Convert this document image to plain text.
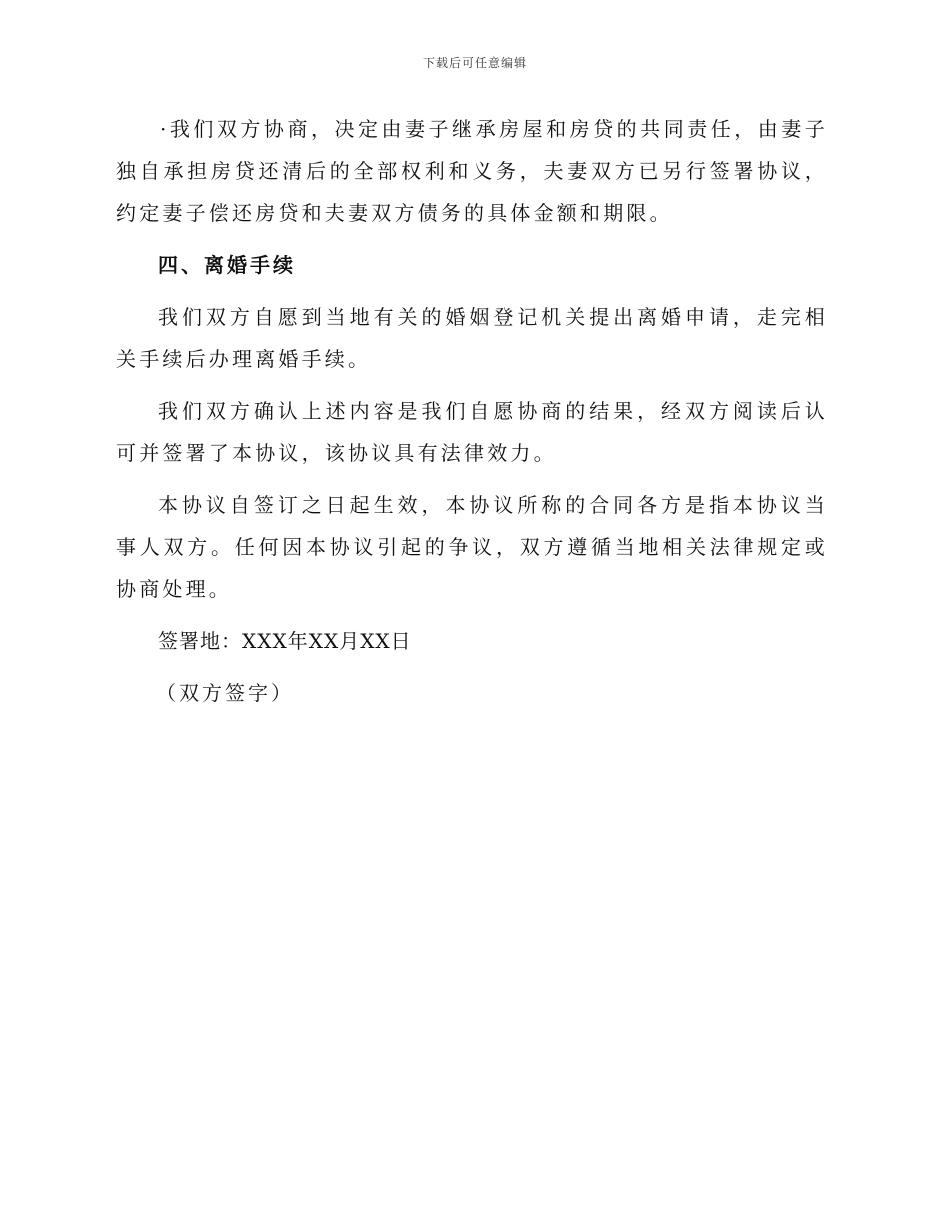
下载后可任意编辑

·我们双方协商，决定由妻子继承房屋和房贷的共同责任，由妻子独自承担房贷还清后的全部权利和义务，夫妻双方已另行签署协议，约定妻子偿还房贷和夫妻双方债务的具体金额和期限。

四、离婚手续

我们双方自愿到当地有关的婚姻登记机关提出离婚申请，走完相关手续后办理离婚手续。

我们双方确认上述内容是我们自愿协商的结果，经双方阅读后认可并签署了本协议，该协议具有法律效力。

本协议自签订之日起生效，本协议所称的合同各方是指本协议当事人双方。任何因本协议引起的争议，双方遵循当地相关法律规定或协商处理。

签署地：XXX年XX月XX日

（双方签字）
